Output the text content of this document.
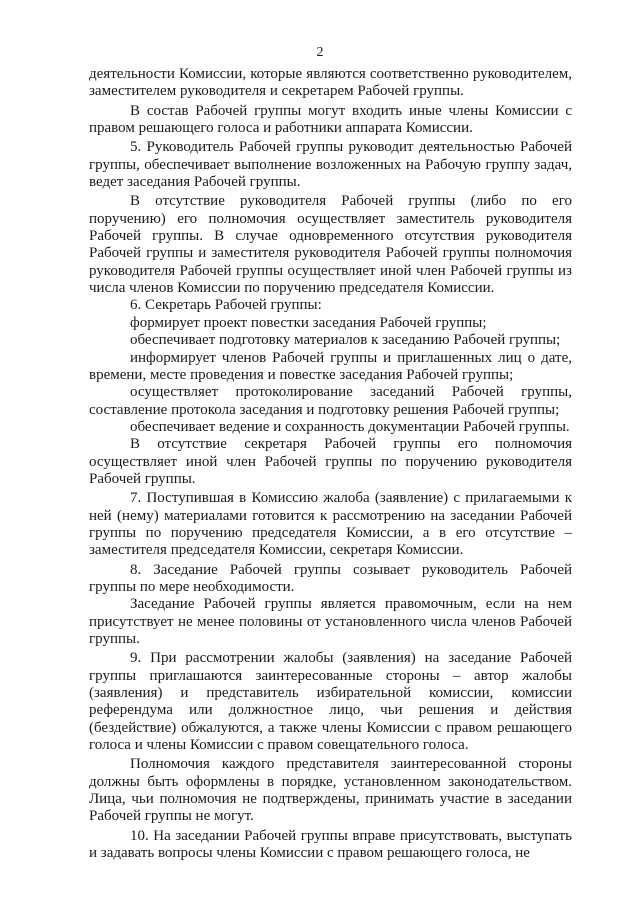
2

деятельности Комиссии, которые являются соответственно руководителем, заместителем руководителя и секретарем Рабочей группы.

В состав Рабочей группы могут входить иные члены Комиссии с правом решающего голоса и работники аппарата Комиссии.

5. Руководитель Рабочей группы руководит деятельностью Рабочей группы, обеспечивает выполнение возложенных на Рабочую группу задач, ведет заседания Рабочей группы.

В отсутствие руководителя Рабочей группы (либо по его поручению) его полномочия осуществляет заместитель руководителя Рабочей группы. В случае одновременного отсутствия руководителя Рабочей группы и заместителя руководителя Рабочей группы полномочия руководителя Рабочей группы осуществляет иной член Рабочей группы из числа членов Комиссии по поручению председателя Комиссии.

6. Секретарь Рабочей группы:

формирует проект повестки заседания Рабочей группы;

обеспечивает подготовку материалов к заседанию Рабочей группы;

информирует членов Рабочей группы и приглашенных лиц о дате, времени, месте проведения и повестке заседания Рабочей группы;

осуществляет протоколирование заседаний Рабочей группы, составление протокола заседания и подготовку решения Рабочей группы;

обеспечивает ведение и сохранность документации Рабочей группы.

В отсутствие секретаря Рабочей группы его полномочия осуществляет иной член Рабочей группы по поручению руководителя Рабочей группы.

7. Поступившая в Комиссию жалоба (заявление) с прилагаемыми к ней (нему) материалами готовится к рассмотрению на заседании Рабочей группы по поручению председателя Комиссии, а в его отсутствие – заместителя председателя Комиссии, секретаря Комиссии.

8. Заседание Рабочей группы созывает руководитель Рабочей группы по мере необходимости.

Заседание Рабочей группы является правомочным, если на нем присутствует не менее половины от установленного числа членов Рабочей группы.

9. При рассмотрении жалобы (заявления) на заседание Рабочей группы приглашаются заинтересованные стороны – автор жалобы (заявления) и представитель избирательной комиссии, комиссии референдума или должностное лицо, чьи решения и действия (бездействие) обжалуются, а также члены Комиссии с правом решающего голоса и члены Комиссии с правом совещательного голоса.

Полномочия каждого представителя заинтересованной стороны должны быть оформлены в порядке, установленном законодательством. Лица, чьи полномочия не подтверждены, принимать участие в заседании Рабочей группы не могут.

10. На заседании Рабочей группы вправе присутствовать, выступать и задавать вопросы члены Комиссии с правом решающего голоса, не
